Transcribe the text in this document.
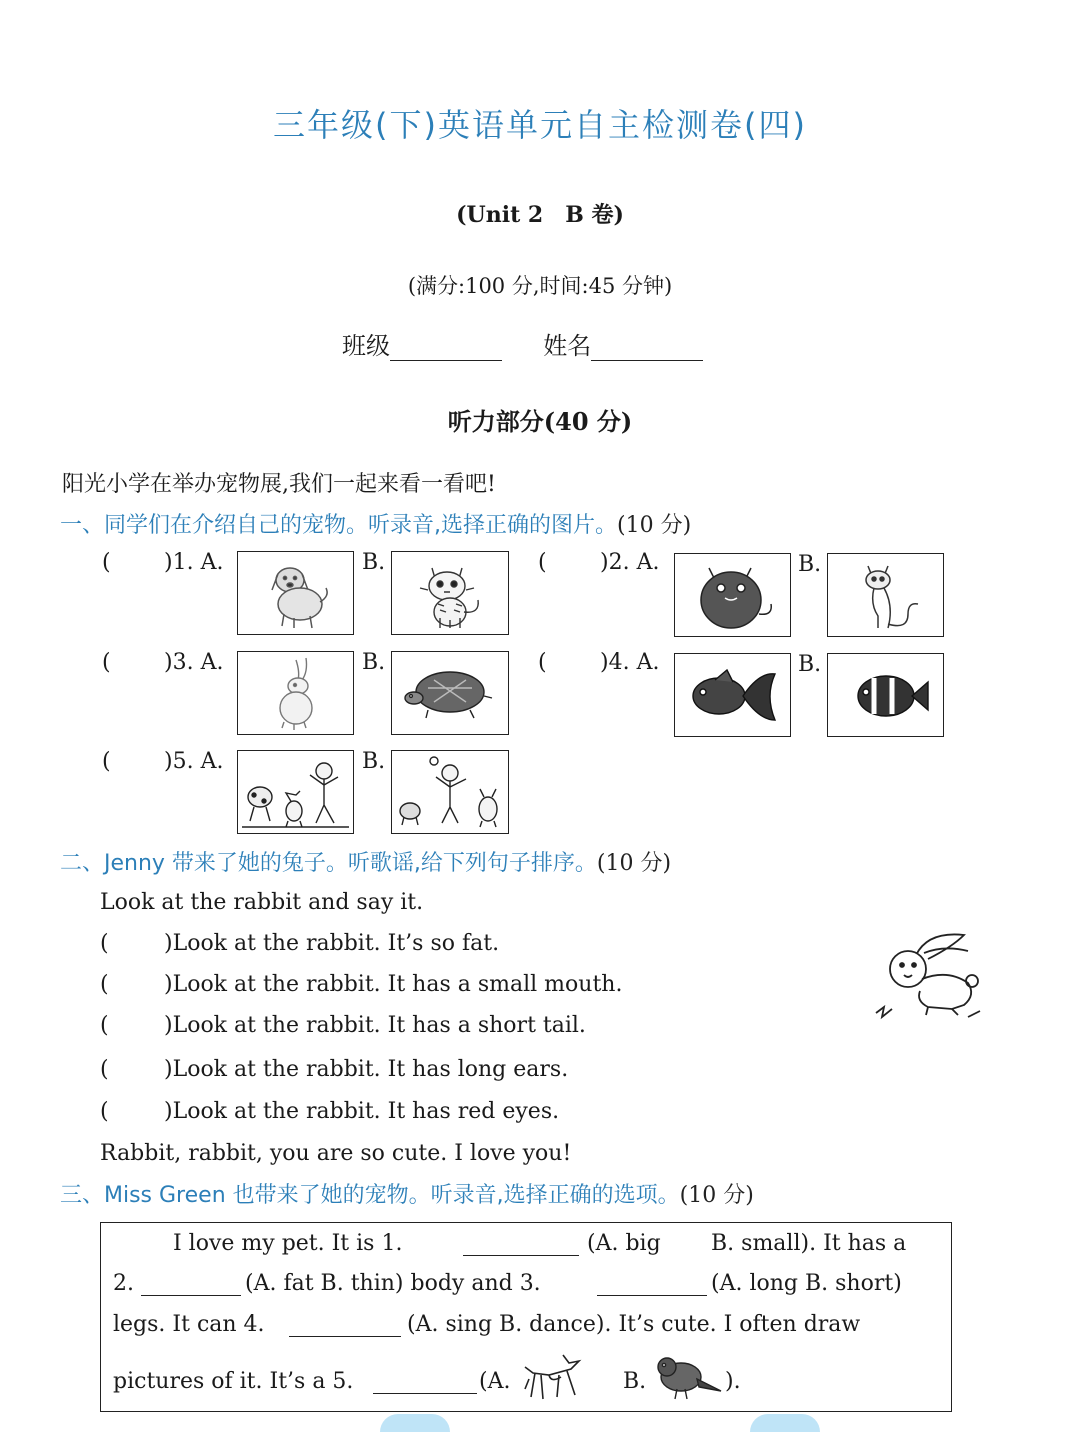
三年级(下)英语单元自主检测卷(四)
(Unit 2　B 卷)
(满分:100 分,时间:45 分钟)
班级	姓名
听力部分(40 分)
阳光小学在举办宠物展,我们一起来看一看吧!
一、同学们在介绍自己的宠物。听录音,选择正确的图片。(10 分)
( )1. A.	B.	( )2. A.	B.
( )3. A.	B.	( )4. A.	B.
( )5. A.	B.
二、Jenny 带来了她的兔子。听歌谣,给下列句子排序。(10 分)
Look at the rabbit and say it.
(	)Look at the rabbit. It’s so fat.
(	)Look at the rabbit. It has a small mouth.
(	)Look at the rabbit. It has a short tail.
(	)Look at the rabbit. It has long ears.
(	)Look at the rabbit. It has red eyes.
Rabbit, rabbit, you are so cute. I love you!
三、Miss Green 也带来了她的宠物。听录音,选择正确的选项。(10 分)
I love my pet. It is 1.	(A. big B. small). It has a
2.	(A. fat B. thin) body and 3.	(A. long B. short)
legs. It can 4.	(A. sing B. dance). It’s cute. I often draw
pictures of it. It’s a 5.	(A.	B.	).
